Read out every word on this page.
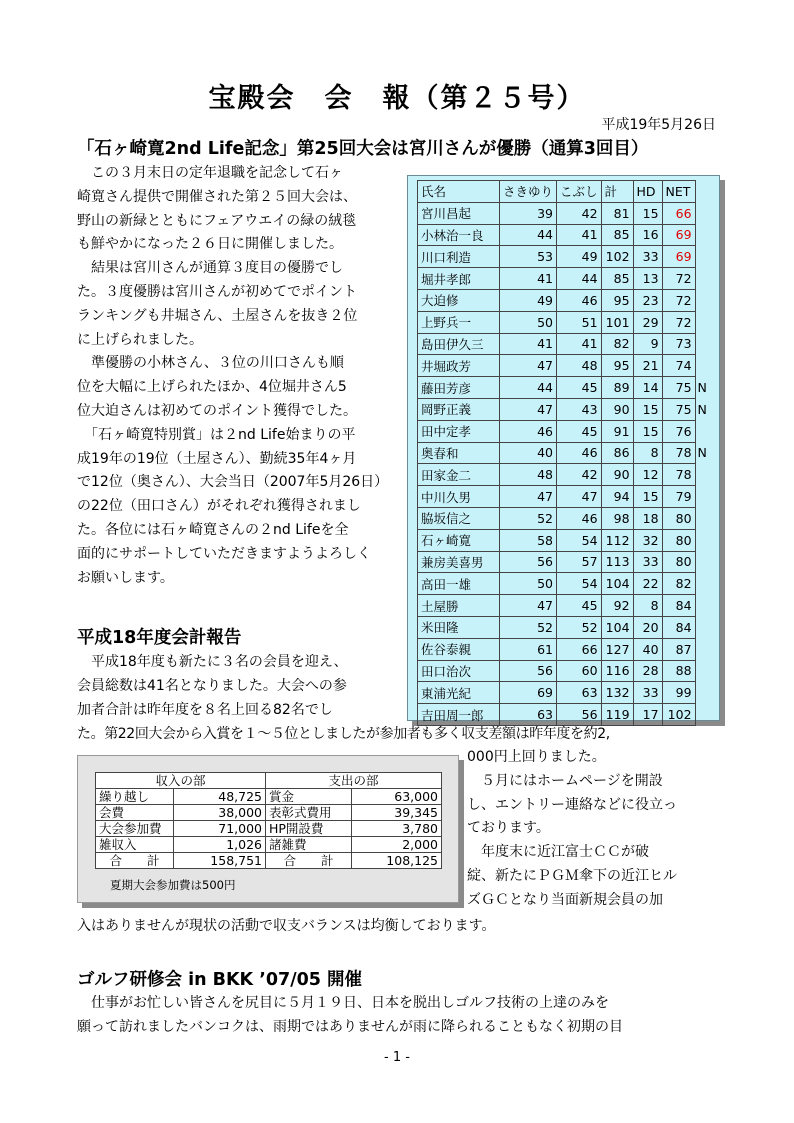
宝殿会　会　報（第２５号）
平成19年5月26日
「石ヶ崎寛2nd Life記念」第25回大会は宮川さんが優勝（通算3回目）
　この３月末日の定年退職を記念して石ヶ
崎寛さん提供で開催された第２５回大会は、
野山の新緑とともにフェアウエイの緑の絨毯
も鮮やかになった２６日に開催しました。
　結果は宮川さんが通算３度目の優勝でし
た。３度優勝は宮川さんが初めてでポイント
ランキングも井堀さん、土屋さんを抜き２位
に上げられました。
　準優勝の小林さん、３位の川口さんも順
位を大幅に上げられたほか、4位堀井さん5
位大迫さんは初めてのポイント獲得でした。
　「石ヶ崎寛特別賞」は２nd Life始まりの平
成19年の19位（土屋さん）、勤続35年4ヶ月
で12位（奥さん）、大会当日（2007年5月26日）
の22位（田口さん）がそれぞれ獲得されまし
た。各位には石ヶ崎寛さんの２nd Lifeを全
面的にサポートしていただきますようよろしく
お願いします。
氏名	さきゆり	こぶし	計	HD	NET	
宮川昌起	39	42	81	15	66	
小林治一良	44	41	85	16	69	
川口利造	53	49	102	33	69	
堀井孝郎	41	44	85	13	72	
大迫修	49	46	95	23	72	
上野兵一	50	51	101	29	72	
島田伊久三	41	41	82	9	73	
井堀政芳	47	48	95	21	74	
藤田芳彦	44	45	89	14	75	N
岡野正義	47	43	90	15	75	N
田中定孝	46	45	91	15	76	
奥春和	40	46	86	8	78	N
田家金二	48	42	90	12	78	
中川久男	47	47	94	15	79	
脇坂信之	52	46	98	18	80	
石ヶ崎寛	58	54	112	32	80	
兼房美喜男	56	57	113	33	80	
高田一雄	50	54	104	22	82	
土屋勝	47	45	92	8	84	
米田隆	52	52	104	20	84	
佐谷泰親	61	66	127	40	87	
田口治次	56	60	116	28	88	
東浦光紀	69	63	132	33	99	
吉田周一郎	63	56	119	17	102	
平成18年度会計報告
　平成18年度も新たに３名の会員を迎え、
会員総数は41名となりました。大会への参
加者合計は昨年度を８名上回る82名でし
た。第22回大会から入賞を１～５位としましたが参加者も多く収支差額は昨年度を約2,
000円上回りました。
　５月にはホームページを開設
し、エントリー連絡などに役立っ
ております。
　年度末に近江富士ＣＣが破
綻、新たにＰＧＭ傘下の近江ヒル
ズＧＣとなり当面新規会員の加
収入の部		支出の部	
繰り越し	48,725	賞金	63,000
会費	38,000	表彰式費用	39,345
大会参加費	71,000	HP開設費	3,780
雑収入	1,026	諸雑費	2,000
合　　計	158,751	合　　計	108,125
夏期大会参加費は500円
入はありませんが現状の活動で収支バランスは均衡しております。
ゴルフ研修会 in BKK ’07/05 開催
　仕事がお忙しい皆さんを尻目に５月１９日、日本を脱出しゴルフ技術の上達のみを
願って訪れましたバンコクは、雨期ではありませんが雨に降られることもなく初期の目
- 1 -
